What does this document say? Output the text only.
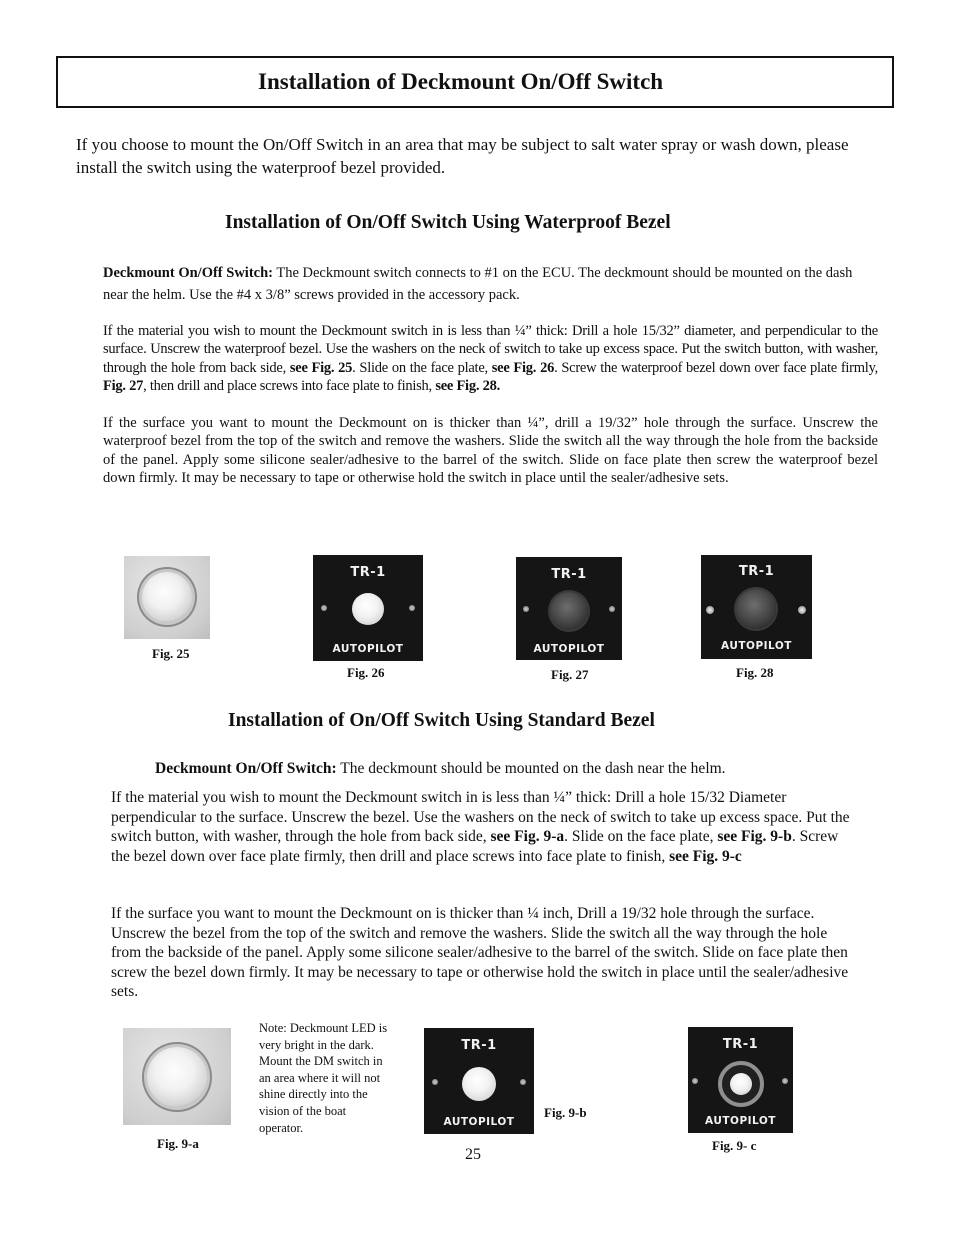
Installation of Deckmount On/Off Switch
If you choose to mount the On/Off Switch in an area that may be subject to salt water spray or wash down, please install the switch using the waterproof bezel provided.
Installation of On/Off Switch Using Waterproof Bezel
Deckmount On/Off Switch: The Deckmount switch connects to #1 on the ECU. The deckmount should be mounted on the dash near the helm. Use the #4 x 3/8” screws provided in the accessory pack.
If the material you wish to mount the Deckmount switch in is less than ¼” thick: Drill a hole 15/32” diameter, and perpendicular to the surface. Unscrew the waterproof bezel. Use the washers on the neck of switch to take up excess space. Put the switch button, with washer, through the hole from back side, see Fig. 25. Slide on the face plate, see Fig. 26. Screw the waterproof bezel down over face plate firmly, Fig. 27, then drill and place screws into face plate to finish, see Fig. 28.
If the surface you want to mount the Deckmount on is thicker than ¼”, drill a 19/32” hole through the surface. Unscrew the waterproof bezel from the top of the switch and remove the washers. Slide the switch all the way through the hole from the backside of the panel. Apply some silicone sealer/adhesive to the barrel of the switch. Slide on face plate then screw the waterproof bezel down firmly. It may be necessary to tape or otherwise hold the switch in place until the sealer/adhesive sets.
Fig. 25
TR-1
AUTOPILOT
Fig. 26
TR-1
AUTOPILOT
Fig. 27
TR-1
AUTOPILOT
Fig. 28
Installation of On/Off Switch Using Standard Bezel
Deckmount On/Off Switch: The deckmount should be mounted on the dash near the helm.
If the material you wish to mount the Deckmount switch in is less than ¼” thick: Drill a hole 15/32 Diameter perpendicular to the surface. Unscrew the bezel. Use the washers on the neck of switch to take up excess space. Put the switch button, with washer, through the hole from back side, see Fig. 9-a. Slide on the face plate, see Fig. 9-b. Screw the bezel down over face plate firmly, then drill and place screws into face plate to finish, see Fig. 9-c
If the surface you want to mount the Deckmount on is thicker than ¼ inch, Drill a 19/32 hole through the surface. Unscrew the bezel from the top of the switch and remove the washers. Slide the switch all the way through the hole from the backside of the panel. Apply some silicone sealer/adhesive to the barrel of the switch. Slide on face plate then screw the bezel down firmly. It may be necessary to tape or otherwise hold the switch in place until the sealer/adhesive sets.
Fig. 9-a
Note: Deckmount LED is very bright in the dark. Mount the DM switch in an area where it will not shine directly into the vision of the boat operator.
TR-1
AUTOPILOT
Fig. 9-b
TR-1
AUTOPILOT
Fig. 9- c
25
